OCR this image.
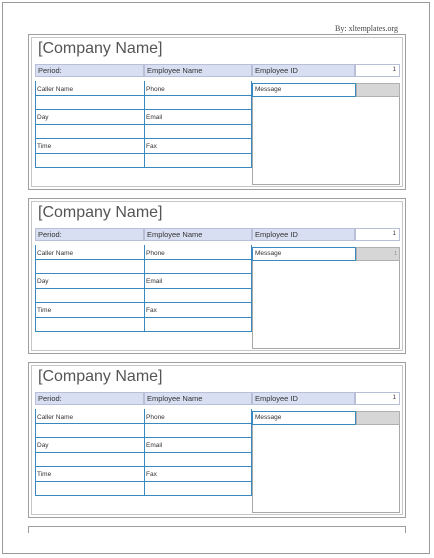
By: xltemplates.org
[Company Name]
Period:	Employee Name	Employee ID	1
Caller Name	Phone
Day	Email
Time	Fax
Message
[Company Name]
Period:	Employee Name	Employee ID	1
Caller Name	Phone
Day	Email
Time	Fax
Message	1
[Company Name]
Period:	Employee Name	Employee ID	1
Caller Name	Phone
Day	Email
Time	Fax
Message
